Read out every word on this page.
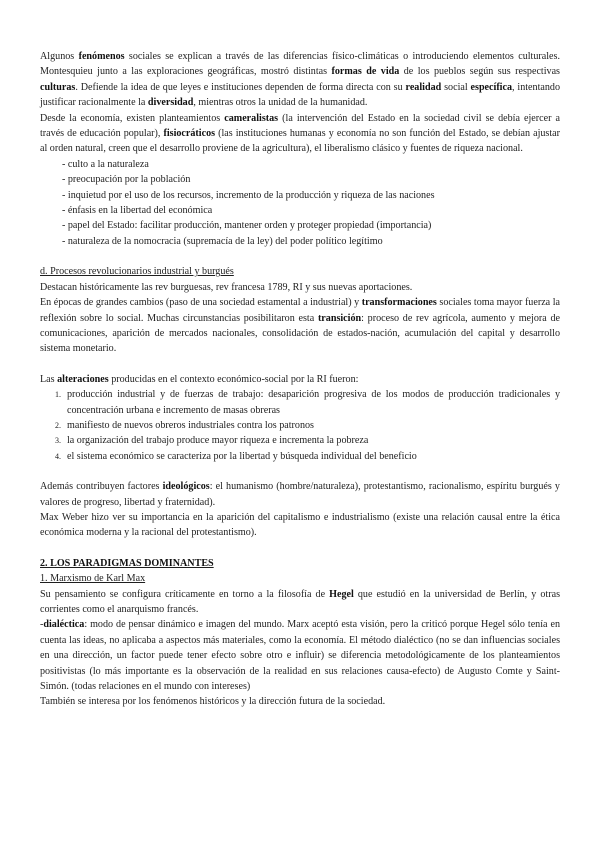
Algunos fenómenos sociales se explican a través de las diferencias físico-climáticas o introduciendo elementos culturales. Montesquieu junto a las exploraciones geográficas, mostró distintas formas de vida de los pueblos según sus respectivas culturas. Defiende la idea de que leyes e instituciones dependen de forma directa con su realidad social específica, intentando justificar racionalmente la diversidad, mientras otros la unidad de la humanidad.

Desde la economía, existen planteamientos cameralistas (la intervención del Estado en la sociedad civil se debía ejercer a través de educación popular), fisiocráticos (las instituciones humanas y economía no son función del Estado, se debían ajustar al orden natural, creen que el desarrollo proviene de la agricultura), el liberalismo clásico y fuentes de riqueza nacional.

- culto a la naturaleza
- preocupación por la población
- inquietud por el uso de los recursos, incremento de la producción y riqueza de las naciones
- énfasis en la libertad del económica
- papel del Estado: facilitar producción, mantener orden y proteger propiedad (importancia)
- naturaleza de la nomocracia (supremacía de la ley) del poder político legítimo

d. Procesos revolucionarios industrial y burgués

Destacan históricamente las rev burguesas, rev francesa 1789, RI y sus nuevas aportaciones.

En épocas de grandes cambios (paso de una sociedad estamental a industrial) y transformaciones sociales toma mayor fuerza la reflexión sobre lo social. Muchas circunstancias posibilitaron esta transición: proceso de rev agrícola, aumento y mejora de comunicaciones, aparición de mercados nacionales, consolidación de estados-nación, acumulación del capital y desarrollo sistema monetario.

Las alteraciones producidas en el contexto económico-social por la RI fueron:

1. producción industrial y de fuerzas de trabajo: desaparición progresiva de los modos de producción tradicionales y concentración urbana e incremento de masas obreras
2. manifiesto de nuevos obreros industriales contra los patronos
3. la organización del trabajo produce mayor riqueza e incrementa la pobreza
4. el sistema económico se caracteriza por la libertad y búsqueda individual del beneficio

Además contribuyen factores ideológicos: el humanismo (hombre/naturaleza), protestantismo, racionalismo, espíritu burgués y valores de progreso, libertad y fraternidad).

Max Weber hizo ver su importancia en la aparición del capitalismo e industrialismo (existe una relación causal entre la ética económica moderna y la racional del protestantismo).

2. LOS PARADIGMAS DOMINANTES

1. Marxismo de Karl Max

Su pensamiento se configura críticamente en torno a la filosofía de Hegel que estudió en la universidad de Berlín, y otras corrientes como el anarquismo francés.

-dialéctica: modo de pensar dinámico e imagen del mundo. Marx aceptó esta visión, pero la criticó porque Hegel sólo tenía en cuenta las ideas, no aplicaba a aspectos más materiales, como la economía. El método dialéctico (no se dan influencias sociales en una dirección, un factor puede tener efecto sobre otro e influir) se diferencia metodológicamente de los planteamientos positivistas (lo más importante es la observación de la realidad en sus relaciones causa-efecto) de Augusto Comte y Saint-Simón. (todas relaciones en el mundo con intereses)

También se interesa por los fenómenos históricos y la dirección futura de la sociedad.
